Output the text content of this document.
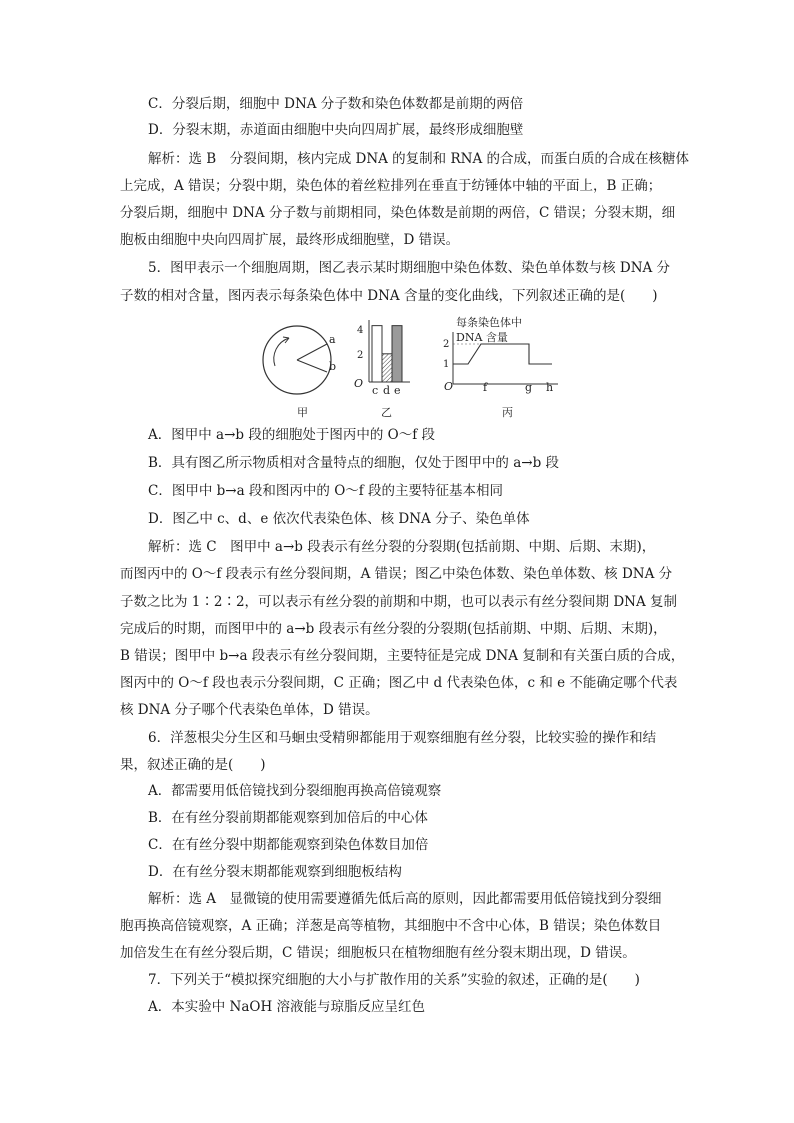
C．分裂后期，细胞中 DNA 分子数和染色体数都是前期的两倍
D．分裂末期，赤道面由细胞中央向四周扩展，最终形成细胞壁
解析：选 B　分裂间期，核内完成 DNA 的复制和 RNA 的合成，而蛋白质的合成在核糖体
上完成，A 错误；分裂中期，染色体的着丝粒排列在垂直于纺锤体中轴的平面上，B 正确；
分裂后期，细胞中 DNA 分子数与前期相同，染色体数是前期的两倍，C 错误；分裂末期，细
胞板由细胞中央向四周扩展，最终形成细胞壁，D 错误。
5．图甲表示一个细胞周期，图乙表示某时期细胞中染色体数、染色单体数与核 DNA 分
子数的相对含量，图丙表示每条染色体中 DNA 含量的变化曲线，下列叙述正确的是(　　)
A．图甲中 a→b 段的细胞处于图丙中的 O～f 段
B．具有图乙所示物质相对含量特点的细胞，仅处于图甲中的 a→b 段
C．图甲中 b→a 段和图丙中的 O～f 段的主要特征基本相同
D．图乙中 c、d、e 依次代表染色体、核 DNA 分子、染色单体
解析：选 C　图甲中 a→b 段表示有丝分裂的分裂期(包括前期、中期、后期、末期)，
而图丙中的 O～f 段表示有丝分裂间期，A 错误；图乙中染色体数、染色单体数、核 DNA 分
子数之比为 1∶2∶2，可以表示有丝分裂的前期和中期，也可以表示有丝分裂间期 DNA 复制
完成后的时期，而图甲中的 a→b 段表示有丝分裂的分裂期(包括前期、中期、后期、末期)，
B 错误；图甲中 b→a 段表示有丝分裂间期，主要特征是完成 DNA 复制和有关蛋白质的合成，
图丙中的 O～f 段也表示分裂间期，C 正确；图乙中 d 代表染色体，c 和 e 不能确定哪个代表
核 DNA 分子哪个代表染色单体，D 错误。
6．洋葱根尖分生区和马蛔虫受精卵都能用于观察细胞有丝分裂，比较实验的操作和结
果，叙述正确的是(　　)
A．都需要用低倍镜找到分裂细胞再换高倍镜观察
B．在有丝分裂前期都能观察到加倍后的中心体
C．在有丝分裂中期都能观察到染色体数目加倍
D．在有丝分裂末期都能观察到细胞板结构
解析：选 A　显微镜的使用需要遵循先低后高的原则，因此都需要用低倍镜找到分裂细
胞再换高倍镜观察，A 正确；洋葱是高等植物，其细胞中不含中心体，B 错误；染色体数目
加倍发生在有丝分裂后期，C 错误；细胞板只在植物细胞有丝分裂末期出现，D 错误。
7．下列关于“模拟探究细胞的大小与扩散作用的关系”实验的叙述，正确的是(　　)
A．本实验中 NaOH 溶液能与琼脂反应呈红色
a
b
甲
4
2
O
c d e
乙
每条染色体中
DNA 含量
2
1
O	f	g h
丙
